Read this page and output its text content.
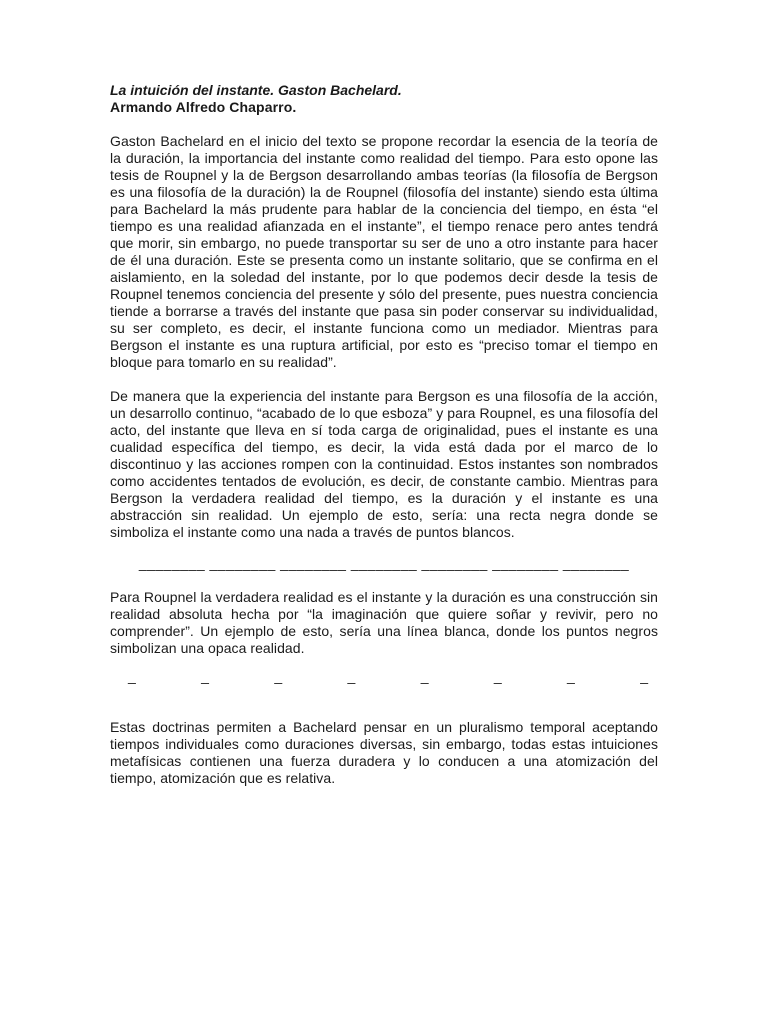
La intuición del instante. Gaston Bachelard.

Armando Alfredo Chaparro.

Gaston Bachelard en el inicio del texto se propone recordar la esencia de la teoría de la duración, la importancia del instante como realidad del tiempo. Para esto opone las tesis de Roupnel y la de Bergson desarrollando ambas teorías (la filosofía de Bergson es una filosofía de la duración) la de Roupnel (filosofía del instante) siendo esta última para Bachelard la más prudente para hablar de la conciencia del tiempo, en ésta “el tiempo es una realidad afianzada en el instante”, el tiempo renace pero antes tendrá que morir, sin embargo, no puede transportar su ser de uno a otro instante para hacer de él una duración. Este se presenta como un instante solitario, que se confirma en el aislamiento, en la soledad del instante, por lo que podemos decir desde la tesis de Roupnel tenemos conciencia del presente y sólo del presente, pues nuestra conciencia tiende a borrarse a través del instante que pasa sin poder conservar su individualidad, su ser completo, es decir, el instante funciona como un mediador. Mientras para Bergson el instante es una ruptura artificial, por esto es “preciso tomar el tiempo en bloque para tomarlo en su realidad”.

De manera que la experiencia del instante para Bergson es una filosofía de la acción, un desarrollo continuo, “acabado de lo que esboza” y para Roupnel, es una filosofía del acto, del instante que lleva en sí toda carga de originalidad, pues el instante es una cualidad específica del tiempo, es decir, la vida está dada por el marco de lo discontinuo y las acciones rompen con la continuidad. Estos instantes son nombrados como accidentes tentados de evolución, es decir, de constante cambio. Mientras para Bergson la verdadera realidad del tiempo, es la duración y el instante es una abstracción sin realidad. Un ejemplo de esto, sería: una recta negra donde se simboliza el instante como una nada a través de puntos blancos.

________ ________ ________ ________ ________ ________ ________

Para Roupnel la verdadera realidad es el instante y la duración es una construcción sin realidad absoluta hecha por “la imaginación que quiere soñar y revivir, pero no comprender”. Un ejemplo de esto, sería una línea blanca, donde los puntos negros simbolizan una opaca realidad.

_	_	_	_	_	_	_	_

Estas doctrinas permiten a Bachelard pensar en un pluralismo temporal aceptando tiempos individuales como duraciones diversas, sin embargo, todas estas intuiciones metafísicas contienen una fuerza duradera y lo conducen a una atomización del tiempo, atomización que es relativa.
